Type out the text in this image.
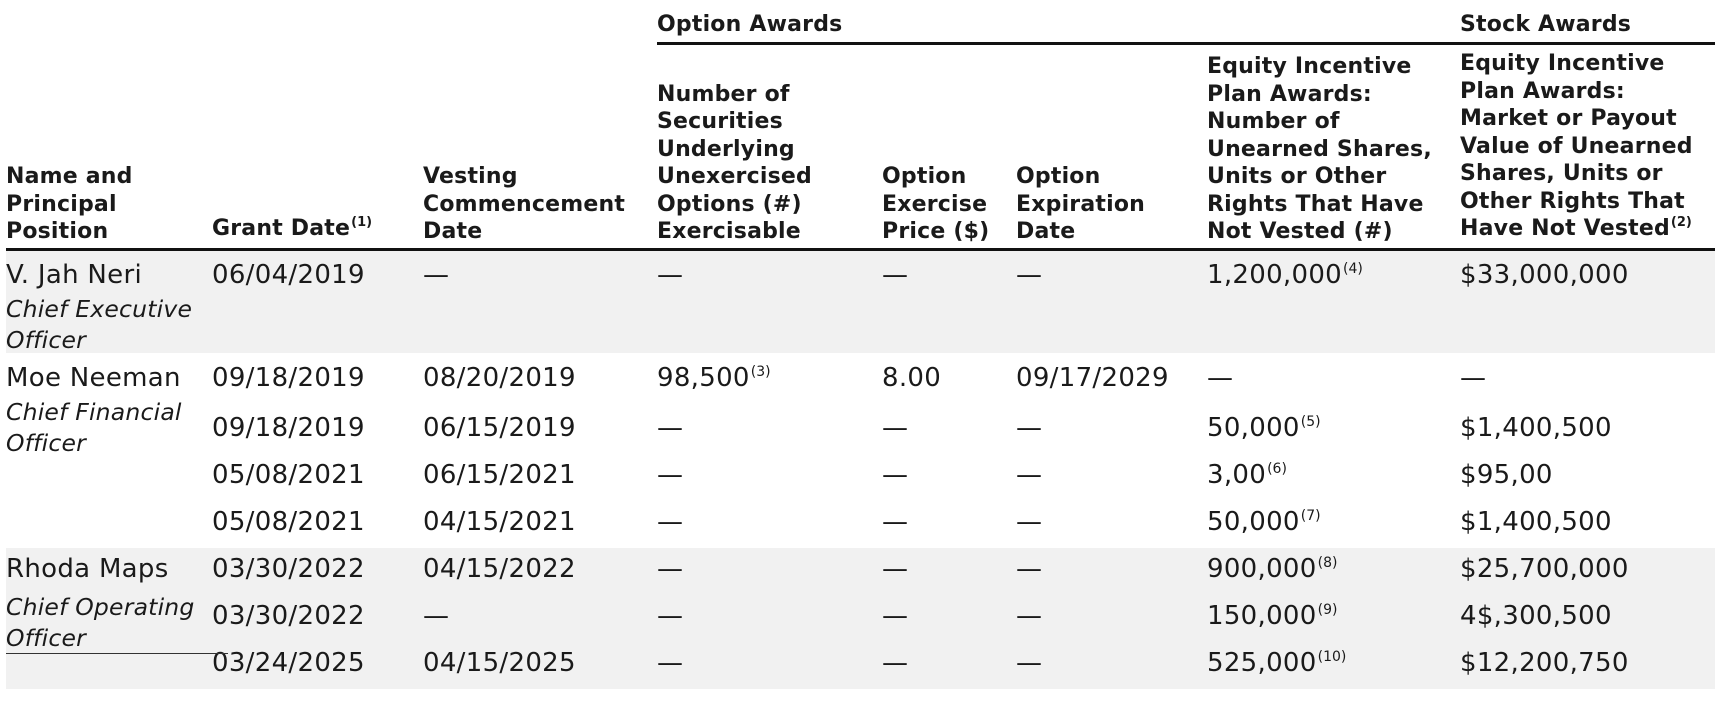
			Option Awards				Stock Awards
Name and Principal Position	Grant Date$^{(1)}$	Vesting Commencement Date	Number of Securities Underlying Unexercised Options (#) Exercisable	Option Exercise Price ($)	Option Expiration Date	Equity Incentive Plan Awards: Number of Unearned Shares, Units or Other Rights That Have Not Vested (#)	Equity Incentive Plan Awards: Market or Payout Value of Unearned Shares, Units or Other Rights That Have Not Vested$^{(2)}$

V. Jah Neri
Chief Executive Officer	06/04/2019	—	—	—	—	1,200,000$^{(4)}$	$33,000,000

Moe Neeman
Chief Financial Officer	09/18/2019	08/20/2019	98,500$^{(3)}$	8.00	09/17/2029	—	—
	09/18/2019	06/15/2019	—	—	—	50,000$^{(5)}$	$1,400,500
	05/08/2021	06/15/2021	—	—	—	3,00$^{(6)}$	$95,00
	05/08/2021	04/15/2021	—	—	—	50,000$^{(7)}$	$1,400,500

Rhoda Maps
Chief Operating Officer	03/30/2022	04/15/2022	—	—	—	900,000$^{(8)}$	$25,700,000
	03/30/2022	—	—	—	—	150,000$^{(9)}$	4$,300,500
	03/24/2025	04/15/2025	—	—	—	525,000$^{(10)}$	$12,200,750
